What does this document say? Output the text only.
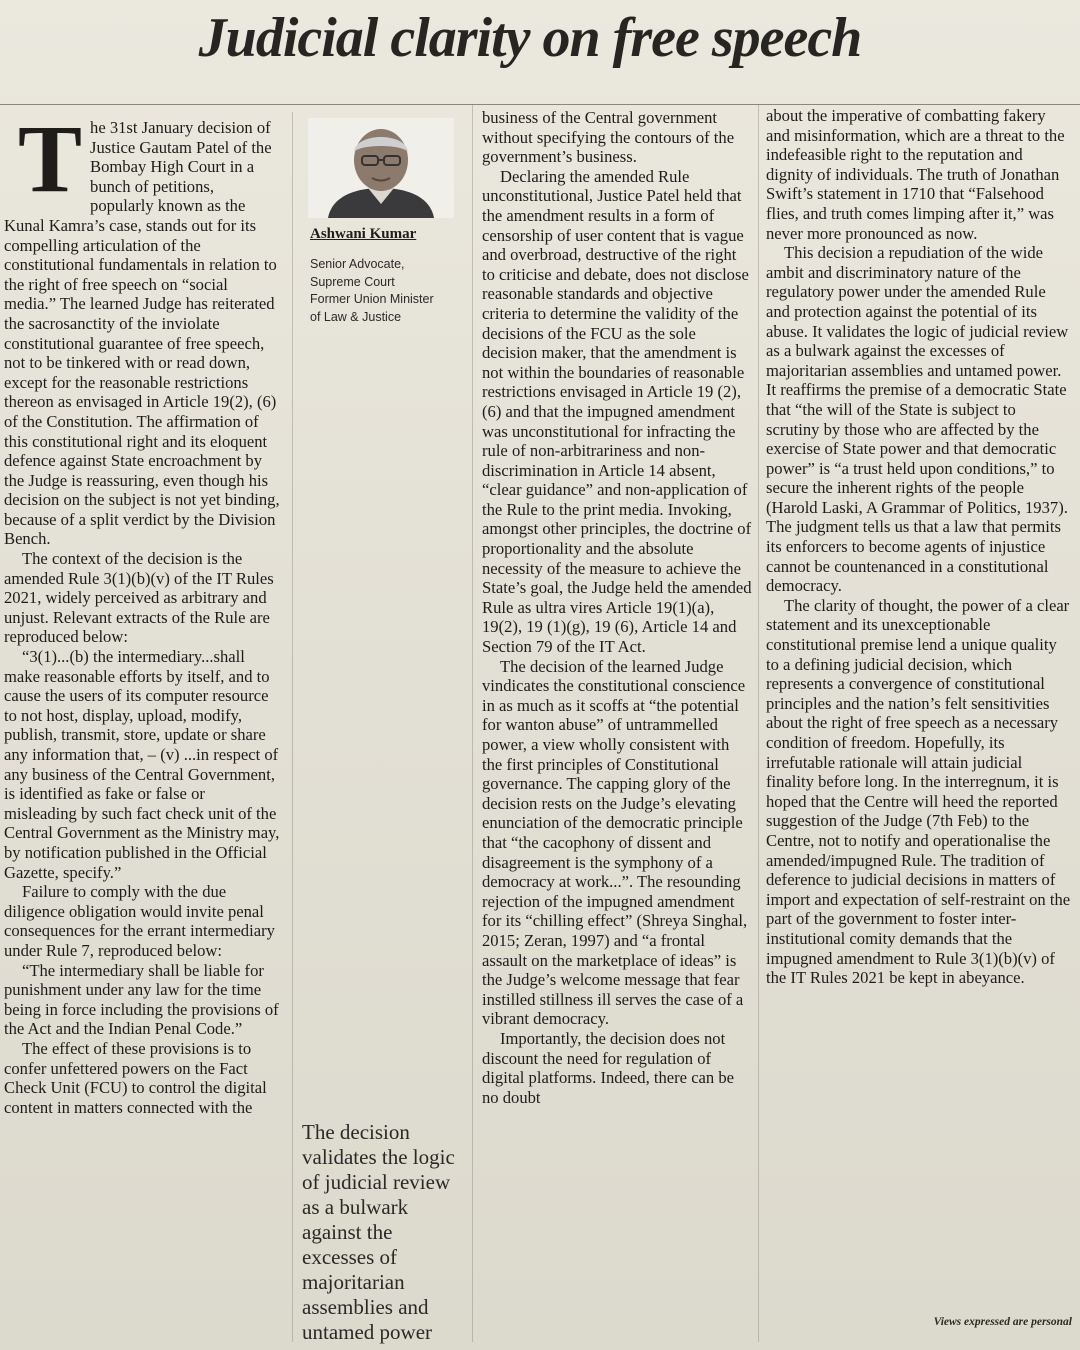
Judicial clarity on free speech
T he 31st January decision of Justice Gautam Patel of the Bombay High Court in a bunch of petitions, popularly known as the Kunal Kamra’s case, stands out for its compelling articulation of the constitutional fundamentals in relation to the right of free speech on “social media.” The learned Judge has reiterated the sacrosanctity of the inviolate constitutional guarantee of free speech, not to be tinkered with or read down, except for the reasonable restrictions thereon as envisaged in Article 19(2), (6) of the Constitution. The affirmation of this constitutional right and its eloquent defence against State encroachment by the Judge is reassuring, even though his decision on the subject is not yet binding, because of a split verdict by the Division Bench.

The context of the decision is the amended Rule 3(1)(b)(v) of the IT Rules 2021, widely perceived as arbitrary and unjust. Relevant extracts of the Rule are reproduced below:

“3(1)...(b) the intermediary...shall make reasonable efforts by itself, and to cause the users of its computer resource to not host, display, upload, modify, publish, transmit, store, update or share any information that, – (v) ...in respect of any business of the Central Government, is identified as fake or false or misleading by such fact check unit of the Central Government as the Ministry may, by notification published in the Official Gazette, specify.”

Failure to comply with the due diligence obligation would invite penal consequences for the errant intermediary under Rule 7, reproduced below:

“The intermediary shall be liable for punishment under any law for the time being in force including the provisions of the Act and the Indian Penal Code.”

The effect of these provisions is to confer unfettered powers on the Fact Check Unit (FCU) to control the digital content in matters connected with the

Ashwani Kumar
Senior Advocate,
Supreme Court
Former Union Minister
of Law & Justice
The decision validates the logic of judicial review as a bulwark against the excesses of majoritarian assemblies and untamed power

business of the Central government without specifying the contours of the government’s business.

Declaring the amended Rule unconstitutional, Justice Patel held that the amendment results in a form of censorship of user content that is vague and overbroad, destructive of the right to criticise and debate, does not disclose reasonable standards and objective criteria to determine the validity of the decisions of the FCU as the sole decision maker, that the amendment is not within the boundaries of reasonable restrictions envisaged in Article 19 (2), (6) and that the impugned amendment was unconstitutional for infracting the rule of non-arbitrariness and non-discrimination in Article 14 absent, “clear guidance” and non-application of the Rule to the print media. Invoking, amongst other principles, the doctrine of proportionality and the absolute necessity of the measure to achieve the State’s goal, the Judge held the amended Rule as ultra vires Article 19(1)(a), 19(2), 19 (1)(g), 19 (6), Article 14 and Section 79 of the IT Act.

The decision of the learned Judge vindicates the constitutional conscience in as much as it scoffs at “the potential for wanton abuse” of untrammelled power, a view wholly consistent with the first principles of Constitutional governance. The capping glory of the decision rests on the Judge’s elevating enunciation of the democratic principle that “the cacophony of dissent and disagreement is the symphony of a democracy at work...”. The resounding rejection of the impugned amendment for its “chilling effect” (Shreya Singhal, 2015; Zeran, 1997) and “a frontal assault on the marketplace of ideas” is the Judge’s welcome message that fear instilled stillness ill serves the case of a vibrant democracy.

Importantly, the decision does not discount the need for regulation of digital platforms. Indeed, there can be no doubt

about the imperative of combatting fakery and misinformation, which are a threat to the indefeasible right to the reputation and dignity of individuals. The truth of Jonathan Swift’s statement in 1710 that “Falsehood flies, and truth comes limping after it,” was never more pronounced as now.

This decision a repudiation of the wide ambit and discriminatory nature of the regulatory power under the amended Rule and protection against the potential of its abuse. It validates the logic of judicial review as a bulwark against the excesses of majoritarian assemblies and untamed power. It reaffirms the premise of a democratic State that “the will of the State is subject to scrutiny by those who are affected by the exercise of State power and that democratic power” is “a trust held upon conditions,” to secure the inherent rights of the people (Harold Laski, A Grammar of Politics, 1937). The judgment tells us that a law that permits its enforcers to become agents of injustice cannot be countenanced in a constitutional democracy.

The clarity of thought, the power of a clear statement and its unexceptionable constitutional premise lend a unique quality to a defining judicial decision, which represents a convergence of constitutional principles and the nation’s felt sensitivities about the right of free speech as a necessary condition of freedom. Hopefully, its irrefutable rationale will attain judicial finality before long. In the interregnum, it is hoped that the Centre will heed the reported suggestion of the Judge (7th Feb) to the Centre, not to notify and operationalise the amended/impugned Rule. The tradition of deference to judicial decisions in matters of import and expectation of self-restraint on the part of the government to foster inter-institutional comity demands that the impugned amendment to Rule 3(1)(b)(v) of the IT Rules 2021 be kept in abeyance.

Views expressed are personal
